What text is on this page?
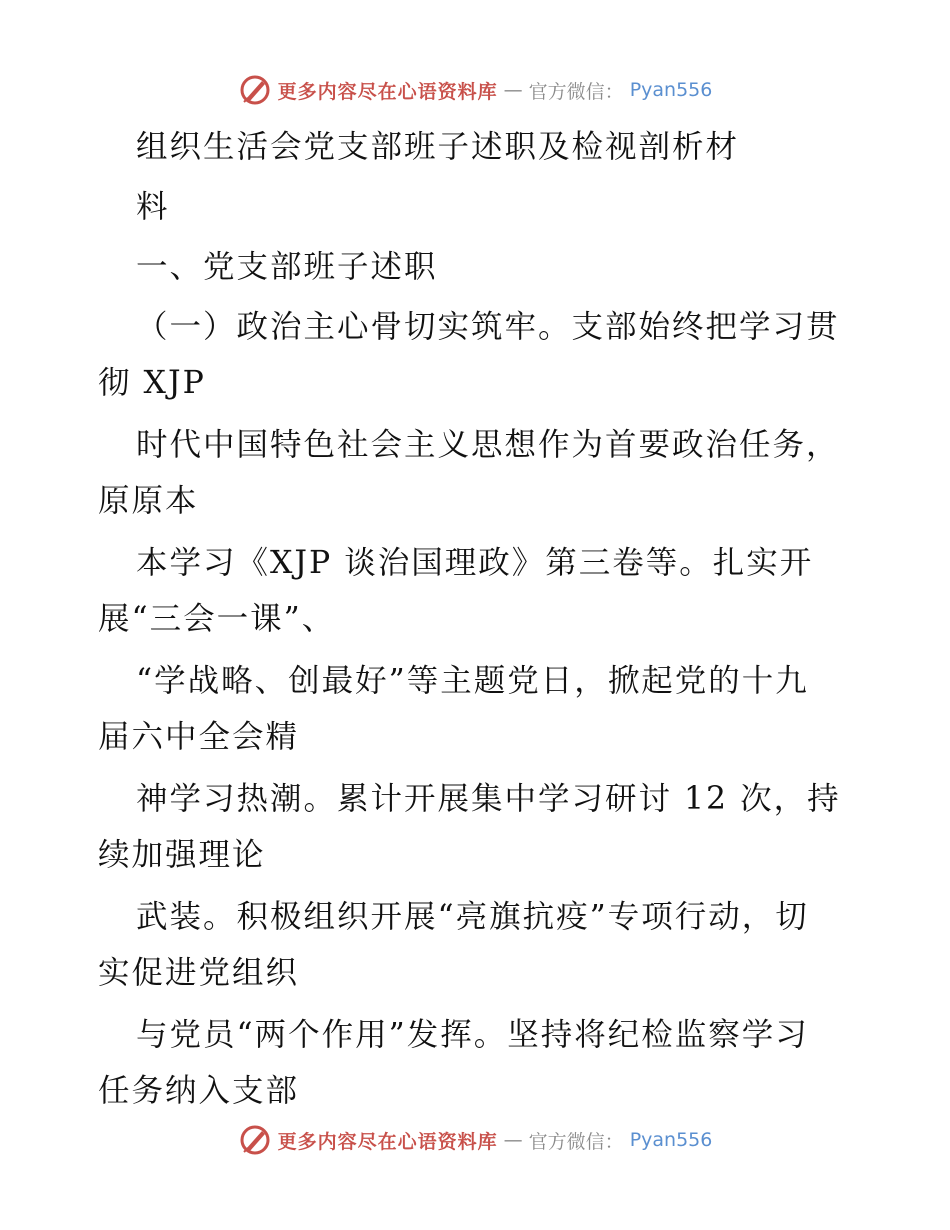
更多内容尽在心语资料库 — 官方微信： Pyan556
组织生活会党支部班子述职及检视剖析材
料
一、党支部班子述职
（一）政治主心骨切实筑牢。支部始终把学习贯
彻 XJP
时代中国特色社会主义思想作为首要政治任务，
原原本
本学习《XJP 谈治国理政》第三卷等。扎实开
展“三会一课”、
“学战略、创最好”等主题党日，掀起党的十九
届六中全会精
神学习热潮。累计开展集中学习研讨 12 次，持
续加强理论
武装。积极组织开展“亮旗抗疫”专项行动，切
实促进党组织
与党员“两个作用”发挥。坚持将纪检监察学习
任务纳入支部
更多内容尽在心语资料库 — 官方微信： Pyan556
